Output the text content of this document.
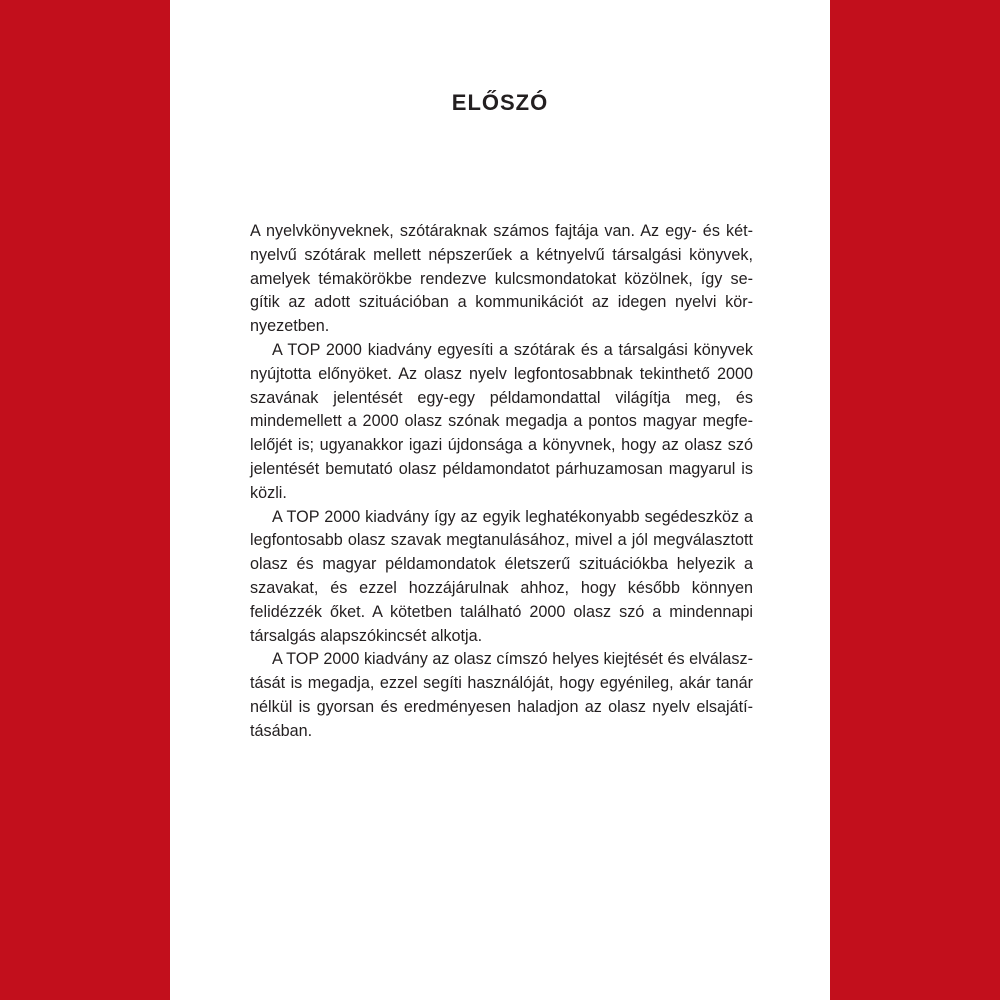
ELŐSZÓ

A nyelvkönyveknek, szótáraknak számos fajtája van. Az egy- és kétnyelvű szótárak mellett népszerűek a kétnyelvű társalgási könyvek, amelyek témakörökbe rendezve kulcsmondatokat közölnek, így segítik az adott szituációban a kommunikációt az idegen nyelvi környezetben.

A TOP 2000 kiadvány egyesíti a szótárak és a társalgási könyvek nyújtotta előnyöket. Az olasz nyelv legfontosabbnak tekinthető 2000 szavának jelentését egy-egy példamondattal világítja meg, és mindemellett a 2000 olasz szónak megadja a pontos magyar megfelelőjét is; ugyanakkor igazi újdonsága a könyvnek, hogy az olasz szó jelentését bemutató olasz példamondatot párhuzamosan magyarul is közli.

A TOP 2000 kiadvány így az egyik leghatékonyabb segédeszköz a legfontosabb olasz szavak megtanulásához, mivel a jól megválasztott olasz és magyar példamondatok életszerű szituációkba helyezik a szavakat, és ezzel hozzájárulnak ahhoz, hogy később könnyen felidézzék őket. A kötetben található 2000 olasz szó a mindennapi társalgás alapszókincsét alkotja.

A TOP 2000 kiadvány az olasz címszó helyes kiejtését és elválasztását is megadja, ezzel segíti használóját, hogy egyénileg, akár tanár nélkül is gyorsan és eredményesen haladjon az olasz nyelv elsajátításában.
